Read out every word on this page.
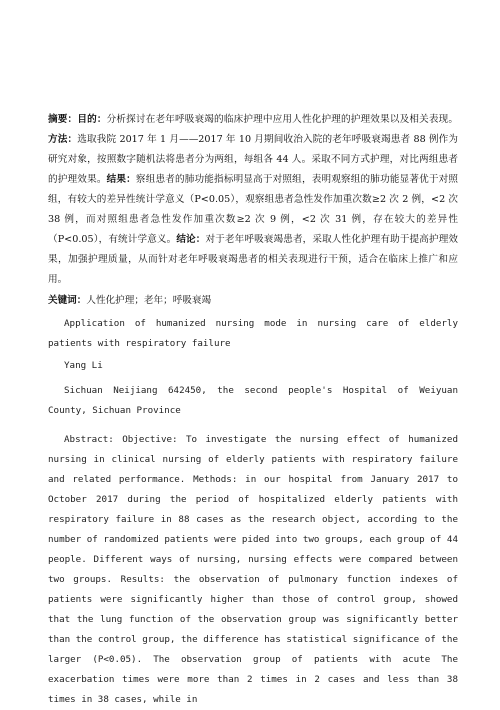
摘要：目的：分析探讨在老年呼吸衰竭的临床护理中应用人性化护理的护理效果以及相关表现。方法：选取我院 2017 年 1 月——2017 年 10 月期间收治入院的老年呼吸衰竭患者 88 例作为研究对象，按照数字随机法将患者分为两组，每组各 44 人。采取不同方式护理，对比两组患者的护理效果。结果：察组患者的肺功能指标明显高于对照组，表明观察组的肺功能显著优于对照组，有较大的差异性统计学意义（P<0.05），观察组患者急性发作加重次数≥2 次 2 例，<2 次 38 例，而对照组患者急性发作加重次数≥2 次 9 例，<2 次 31 例，存在较大的差异性（P<0.05），有统计学意义。结论：对于老年呼吸衰竭患者，采取人性化护理有助于提高护理效果，加强护理质量，从而针对老年呼吸衰竭患者的相关表现进行干预，适合在临床上推广和应用。
关键词：人性化护理；老年；呼吸衰竭
Application of humanized nursing mode in nursing care of elderly patients with respiratory failure
Yang Li
Sichuan Neijiang 642450, the second people's Hospital of Weiyuan County, Sichuan Province
Abstract: Objective: To investigate the nursing effect of humanized nursing in clinical nursing of elderly patients with respiratory failure and related performance. Methods: in our hospital from January 2017 to October 2017 during the period of hospitalized elderly patients with respiratory failure in 88 cases as the research object, according to the number of randomized patients were pided into two groups, each group of 44 people. Different ways of nursing, nursing effects were compared between two groups. Results: the observation of pulmonary function indexes of patients were significantly higher than those of control group, showed that the lung function of the observation group was significantly better than the control group, the difference has statistical significance of the larger (P<0.05). The observation group of patients with acute The exacerbation times were more than 2 times in 2 cases and less than 38 times in 38 cases, while in
